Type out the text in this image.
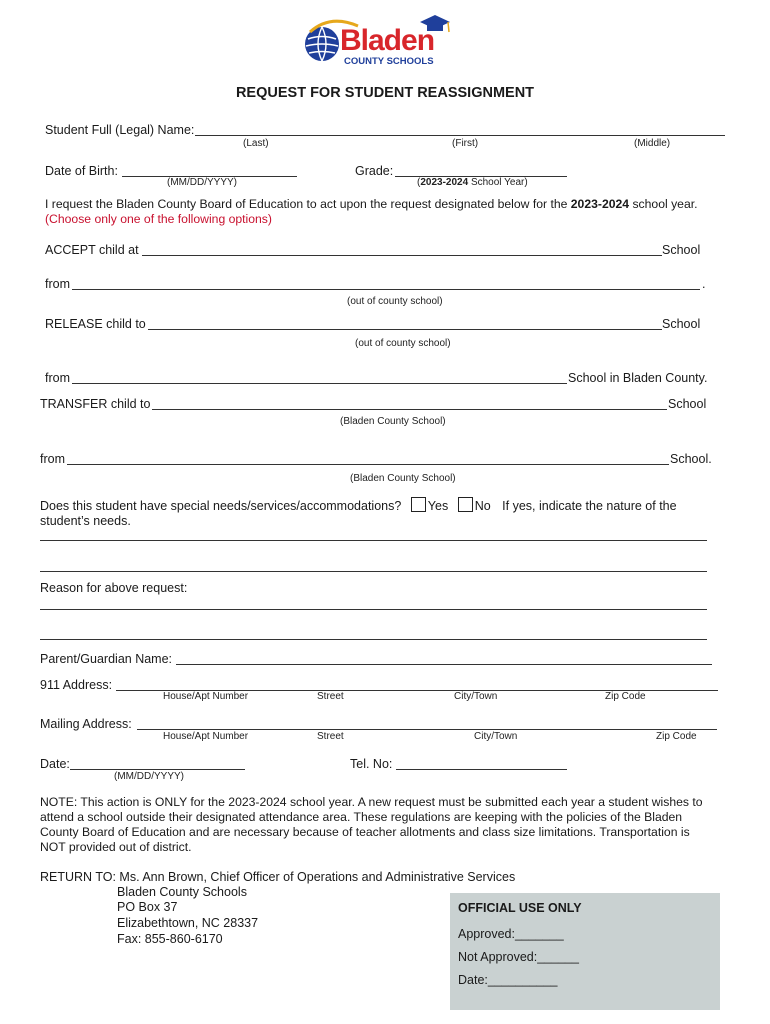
Bladen
COUNTY SCHOOLS
REQUEST FOR STUDENT REASSIGNMENT
Student Full (Legal) Name:
(Last)	(First)	(Middle)
Date of Birth:
(MM/DD/YYYY)
Grade:
(2023-2024 School Year)
I request the Bladen County Board of Education to act upon the request designated below for the 2023-2024 school year. (Choose only one of the following options)
ACCEPT child at	School
from	.
(out of county school)
RELEASE child to	School
(out of county school)
from	School in Bladen County.
TRANSFER child to	School
(Bladen County School)
from	School.
(Bladen County School)
Does this student have special needs/services/accommodations? Yes No If yes, indicate the nature of the
student’s needs.
Reason for above request:
Parent/Guardian Name:
911 Address:
House/Apt Number	Street	City/Town	Zip Code
Mailing Address:
House/Apt Number	Street	City/Town	Zip Code
Date:
(MM/DD/YYYY)
Tel. No:
NOTE: This action is ONLY for the 2023-2024 school year. A new request must be submitted each year a student wishes to attend a school outside their designated attendance area. These regulations are keeping with the policies of the Bladen County Board of Education and are necessary because of teacher allotments and class size limitations. Transportation is NOT provided out of district.
RETURN TO: Ms. Ann Brown, Chief Officer of Operations and Administrative Services
Bladen County Schools
PO Box 37
Elizabethtown, NC 28337
Fax: 855-860-6170
OFFICIAL USE ONLY
Approved:_______
Not Approved:______
Date:__________
